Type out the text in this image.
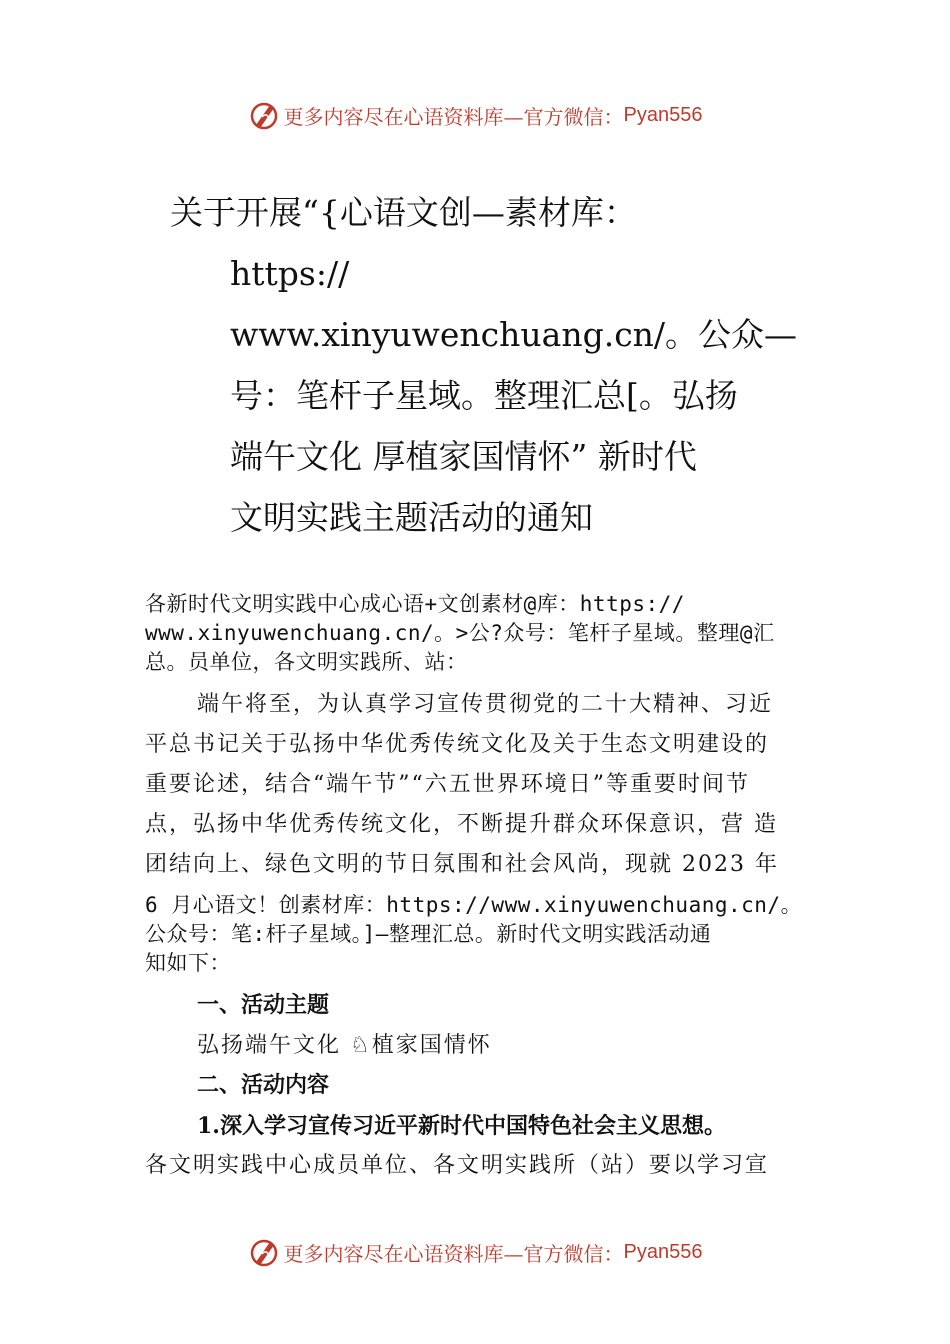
更多内容尽在心语资料库—官方微信： Pyan556
关于开展“{心语文创—素材库：
https://
www.xinyuwenchuang.cn/。公众—
号：笔杆子星域。整理汇总[。弘扬
端午文化 厚植家国情怀” 新时代
文明实践主题活动的通知
各新时代文明实践中心成心语+文创素材@库：https://
www.xinyuwenchuang.cn/。>公?众号：笔杆子星域。整理@汇
总。员单位，各文明实践所、站：
端午将至，为认真学习宣传贯彻党的二十大精神、习近
平总书记关于弘扬中华优秀传统文化及关于生态文明建设的
重要论述，结合“端午节”“六五世界环境日”等重要时间节
点，弘扬中华优秀传统文化，不断提升群众环保意识，营 造
团结向上、绿色文明的节日氛围和社会风尚，现就 2023 年
6 月心语文！创素材库：https://www.xinyuwenchuang.cn/。
公众号：笔:杆子星域。]—整理汇总。新时代文明实践活动通
知如下：
一、活动主题
弘扬端午文化 ♘植家国情怀
二、活动内容
1.深入学习宣传习近平新时代中国特色社会主义思想。
各文明实践中心成员单位、各文明实践所（站）要以学习宣
更多内容尽在心语资料库—官方微信： Pyan556
